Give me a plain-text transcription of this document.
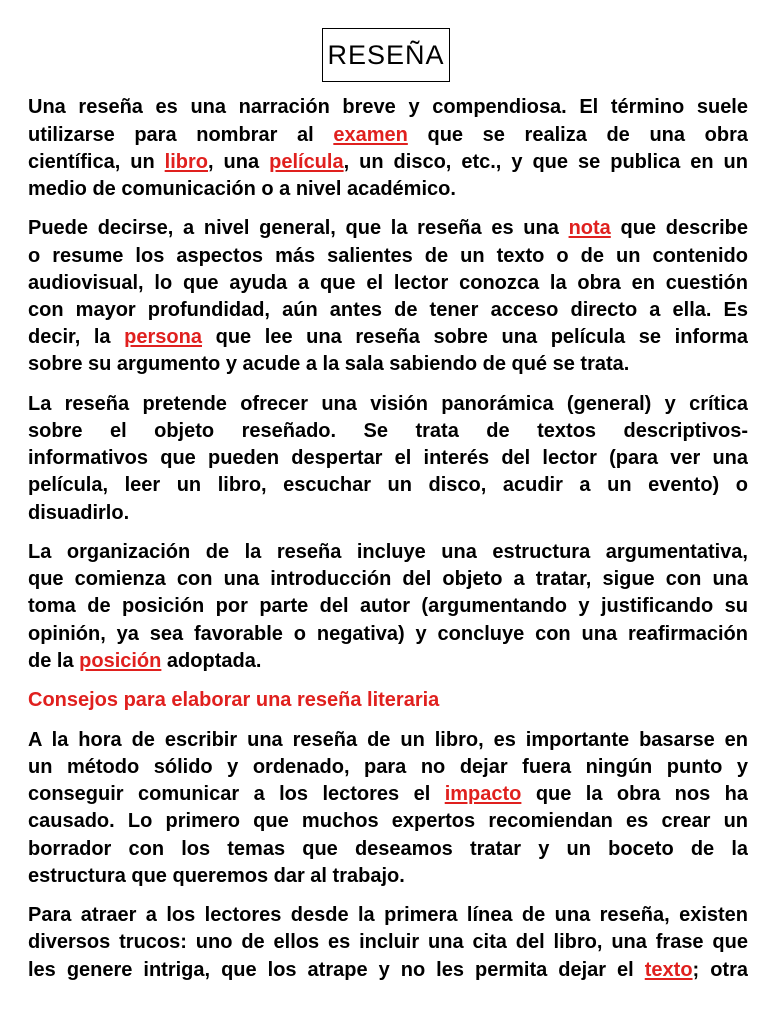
RESEÑA

Una reseña es una narración breve y compendiosa. El término suele
utilizarse para nombrar al examen que se realiza de una obra
científica, un libro, una película, un disco, etc., y que se publica en un
medio de comunicación o a nivel académico.

Puede decirse, a nivel general, que la reseña es una nota que describe
o resume los aspectos más salientes de un texto o de un contenido
audiovisual, lo que ayuda a que el lector conozca la obra en cuestión
con mayor profundidad, aún antes de tener acceso directo a ella. Es
decir, la persona que lee una reseña sobre una película se informa
sobre su argumento y acude a la sala sabiendo de qué se trata.

La reseña pretende ofrecer una visión panorámica (general) y crítica
sobre el objeto reseñado. Se trata de textos descriptivos-
informativos que pueden despertar el interés del lector (para ver una
película, leer un libro, escuchar un disco, acudir a un evento) o
disuadirlo.

La organización de la reseña incluye una estructura argumentativa,
que comienza con una introducción del objeto a tratar, sigue con una
toma de posición por parte del autor (argumentando y justificando su
opinión, ya sea favorable o negativa) y concluye con una reafirmación
de la posición adoptada.

Consejos para elaborar una reseña literaria

A la hora de escribir una reseña de un libro, es importante basarse en
un método sólido y ordenado, para no dejar fuera ningún punto y
conseguir comunicar a los lectores el impacto que la obra nos ha
causado. Lo primero que muchos expertos recomiendan es crear un
borrador con los temas que deseamos tratar y un boceto de la
estructura que queremos dar al trabajo.

Para atraer a los lectores desde la primera línea de una reseña, existen
diversos trucos: uno de ellos es incluir una cita del libro, una frase que
les genere intriga, que los atrape y no les permita dejar el texto; otra
